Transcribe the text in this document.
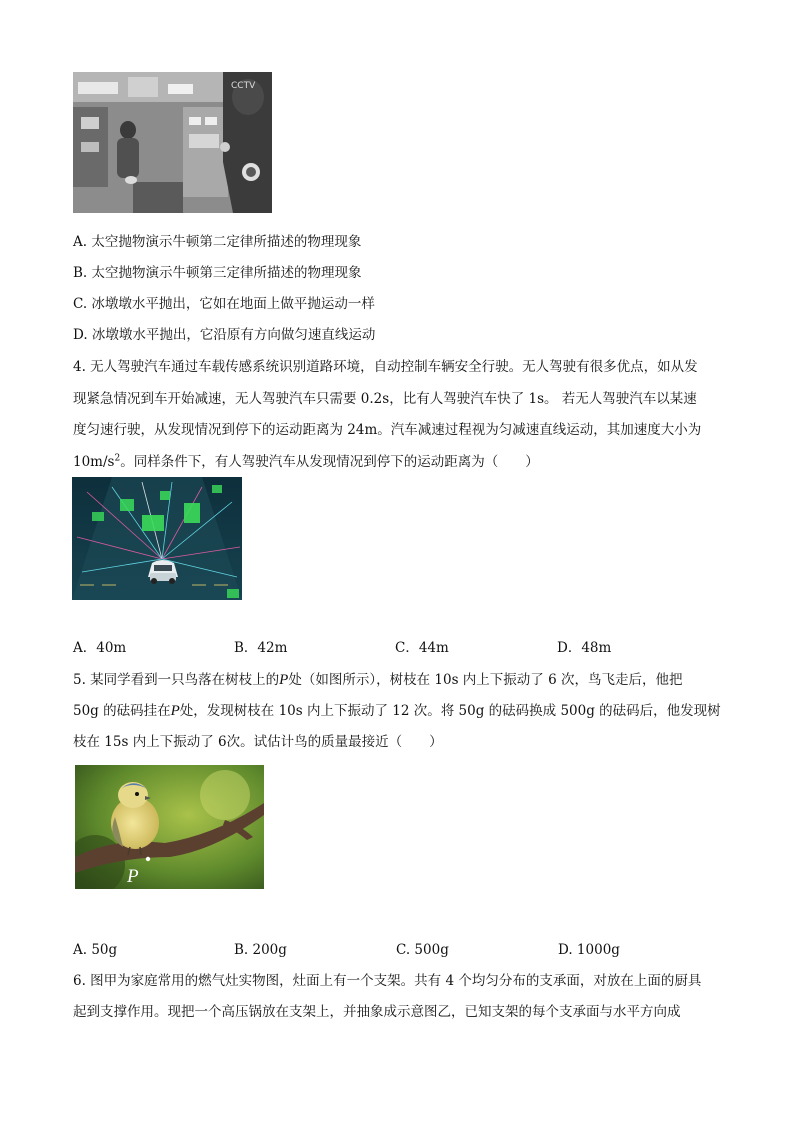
CCTV
A. 太空抛物演示牛顿第二定律所描述的物理现象
B. 太空抛物演示牛顿第三定律所描述的物理现象
C. 冰墩墩水平抛出，它如在地面上做平抛运动一样
D. 冰墩墩水平抛出，它沿原有方向做匀速直线运动
4. 无人驾驶汽车通过车载传感系统识别道路环境，自动控制车辆安全行驶。无人驾驶有很多优点，如从发
现紧急情况到车开始减速，无人驾驶汽车只需要 0.2s，比有人驾驶汽车快了 1s。 若无人驾驶汽车以某速
度匀速行驶，从发现情况到停下的运动距离为 24m。汽车减速过程视为匀减速直线运动，其加速度大小为
$10m/s^2$。同样条件下，有人驾驶汽车从发现情况到停下的运动距离为（　　）
A．40m	B．42m	C．44m	D．48m
5. 某同学看到一只鸟落在树枝上的P处（如图所示），树枝在 10s 内上下振动了 6 次，鸟飞走后，他把
50g 的砝码挂在P处，发现树枝在 10s 内上下振动了 12 次。将 50g 的砝码换成 500g 的砝码后，他发现树
枝在 15s 内上下振动了 6次。试估计鸟的质量最接近（　　）
P
A. 50g	B. 200g	C. 500g	D. 1000g
6. 图甲为家庭常用的燃气灶实物图，灶面上有一个支架。共有 4 个均匀分布的支承面，对放在上面的厨具
起到支撑作用。现把一个高压锅放在支架上，并抽象成示意图乙，已知支架的每个支承面与水平方向成
